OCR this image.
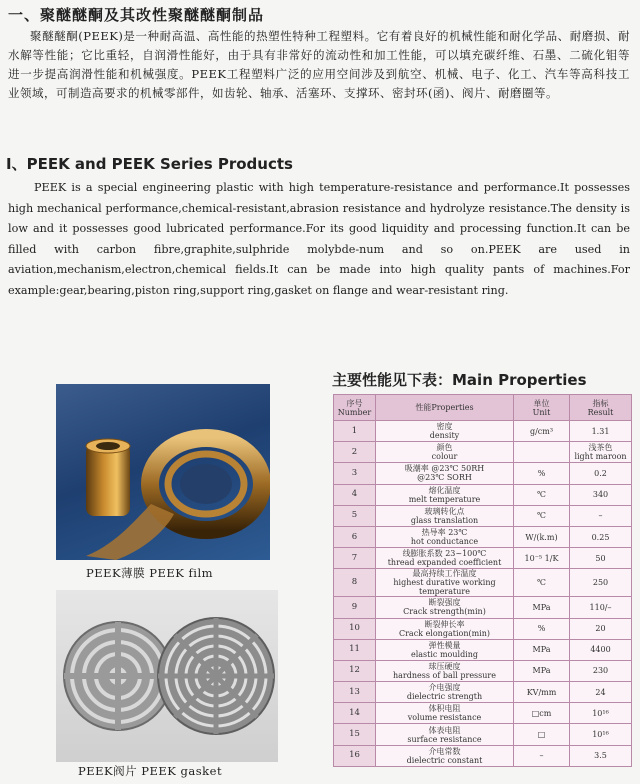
一、聚醚醚酮及其改性聚醚醚酮制品
聚醚醚酮(PEEK)是一种耐高温、高性能的热塑性特种工程塑料。它有着良好的机械性能和耐化学品、耐磨损、耐水解等性能；它比重轻，自润滑性能好，由于具有非常好的流动性和加工性能，可以填充碳纤维、石墨、二硫化钼等进一步提高润滑性能和机械强度。PEEK工程塑料广泛的应用空间涉及到航空、机械、电子、化工、汽车等高科技工业领域，可制造高要求的机械零部件，如齿轮、轴承、活塞环、支撑环、密封环(函)、阀片、耐磨圈等。
Ⅰ、PEEK and PEEK Series Products
PEEK is a special engineering plastic with high temperature-resistance and performance.It possesses high mechanical performance,chemical-resistant,abrasion resistance and hydrolyze resistance.The density is low and it possesses good lubricated performance.For its good liquidity and processing function.It can be filled with carbon fibre,graphite,sulphride molybde-num and so on.PEEK are used in aviation,mechanism,electron,chemical fields.It can be made into high quality pants of machines.For example:gear,bearing,piston ring,support ring,gasket on flange and wear-resistant ring.
PEEK薄膜 PEEK film
PEEK阀片 PEEK gasket
主要性能见下表：Main Properties
序号
Number	性能Properties	单位
Unit	指标
Result

1	密度
density	g/cm³	1.31

2	颜色
colour		浅茶色
light maroon

3	吸潮率 @23℃ 50RH
@23℃ SORH	%	0.2

4	熔化温度
melt temperature	℃	340

5	玻璃转化点
glass translation	℃	–

6	热导率 23℃
hot conductance	W/(k.m)	0.25

7	线膨胀系数 23~100℃
thread expanded coefficient	10⁻⁵ 1/K	50

8	最高持续工作温度
highest durative working temperature	℃	250

9	断裂强度
Crack strength(min)	MPa	110/–

10	断裂伸长率
Crack elongation(min)	%	20

11	弹性模量
elastic moulding	MPa	4400

12	球压硬度
hardness of ball pressure	MPa	230

13	介电强度
dielectric strength	KV/mm	24

14	体积电阻
volume resistance	□cm	10¹⁶

15	体表电阻
surface resistance	□	10¹⁶

16	介电常数
dielectric constant	–	3.5
